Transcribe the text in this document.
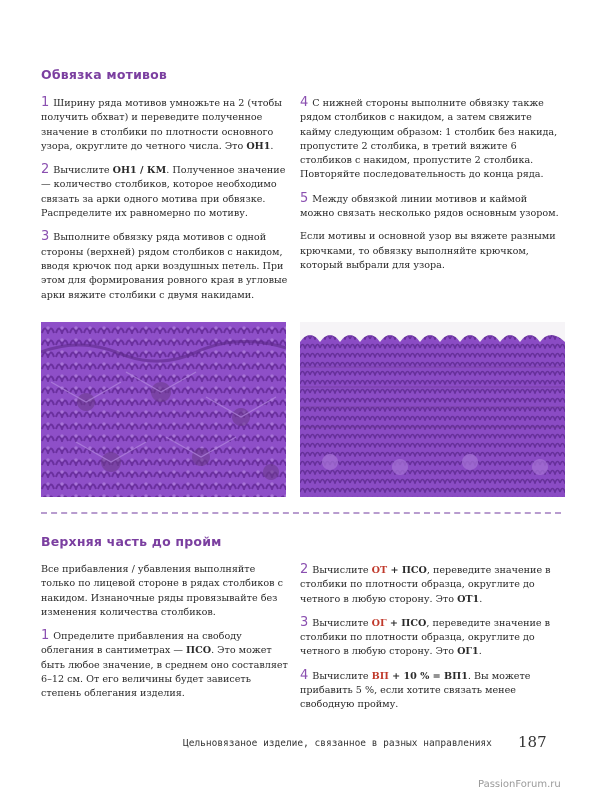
Обвязка мотивов

1 Ширину ряда мотивов умножьте на 2 (чтобы получить обхват) и переведите полученное значение в столбики по плотности основного узора, округлите до четного числа. Это ОН1.

2 Вычислите ОН1 / КМ. Полученное значение — количество столбиков, которое необходимо связать за арки одного мотива при обвязке. Распределите их равномерно по мотиву.

3 Выполните обвязку ряда мотивов с одной стороны (верхней) рядом столбиков с накидом, вводя крючок под арки воздушных петель. При этом для формирования ровного края в угловые арки вяжите столбики с двумя накидами.

4 С нижней стороны выполните обвязку также рядом столбиков с накидом, а затем свяжите кайму следующим образом: 1 столбик без накида, пропустите 2 столбика, в третий вяжите 6 столбиков с накидом, пропустите 2 столбика. Повторяйте последовательность до конца ряда.

5 Между обвязкой линии мотивов и каймой можно связать несколько рядов основным узором.

Если мотивы и основной узор вы вяжете разными крючками, то обвязку выполняйте крючком, который выбрали для узора.

Верхняя часть до пройм

Все прибавления / убавления выполняйте только по лицевой стороне в рядах столбиков с накидом. Изнаночные ряды провязывайте без изменения количества столбиков.

1 Определите прибавления на свободу облегания в сантиметрах — ПСО. Это может быть любое значение, в среднем оно составляет 6–12 см. От его величины будет зависеть степень облегания изделия.

2 Вычислите ОТ + ПСО, переведите значение в столбики по плотности образца, округлите до четного в любую сторону. Это ОТ1.

3 Вычислите ОГ + ПСО, переведите значение в столбики по плотности образца, округлите до четного в любую сторону. Это ОГ1.

4 Вычислите ВП + 10 % = ВП1. Вы можете прибавить 5 %, если хотите связать менее свободную пройму.

Цельновязаное изделие, связанное в разных направлениях 187
PassionForum.ru
